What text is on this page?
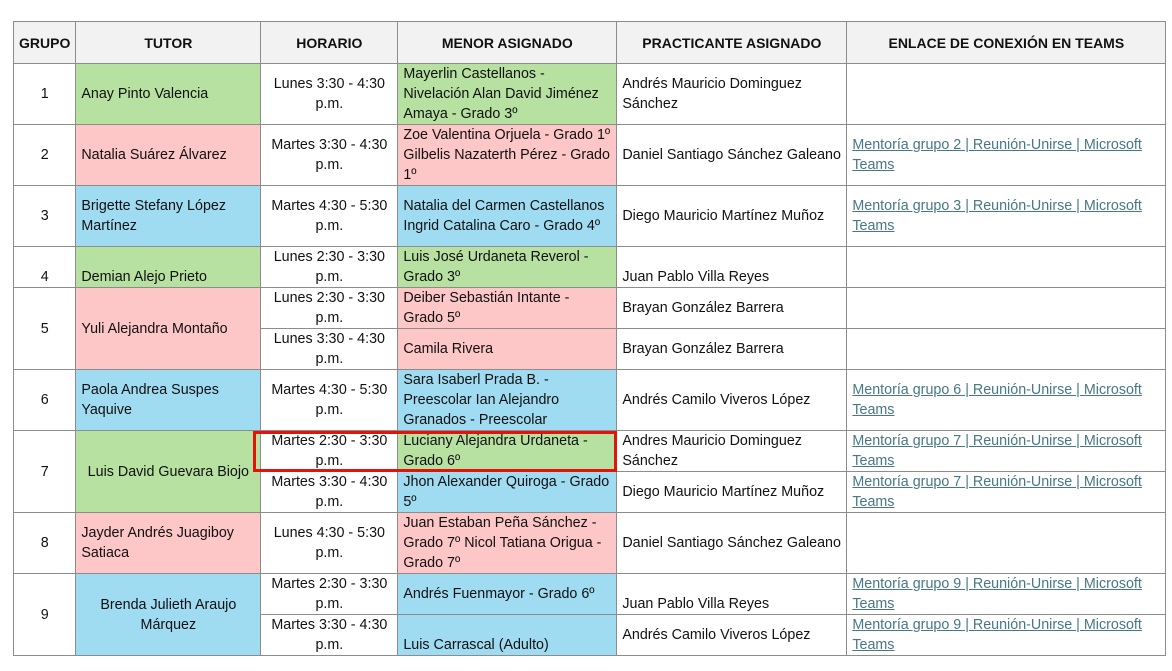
GRUPO	TUTOR	HORARIO	MENOR ASIGNADO	PRACTICANTE ASIGNADO	ENLACE DE CONEXIÓN EN TEAMS
1	Anay Pinto Valencia	Lunes 3:30 - 4:30 p.m.	Mayerlin Castellanos - Nivelación Alan David Jiménez Amaya - Grado 3º	Andrés Mauricio Dominguez Sánchez	
2	Natalia Suárez Álvarez	Martes 3:30 - 4:30 p.m.	Zoe Valentina Orjuela - Grado 1º Gilbelis Nazaterth Pérez - Grado 1º	Daniel Santiago Sánchez Galeano	Mentoría grupo 2 | Reunión-Unirse | Microsoft Teams
3	Brigette Stefany López Martínez	Martes 4:30 - 5:30 p.m.	Natalia del Carmen Castellanos Ingrid Catalina Caro - Grado 4º	Diego Mauricio Martínez Muñoz	Mentoría grupo 3 | Reunión-Unirse | Microsoft Teams
4	Demian Alejo Prieto	Lunes 2:30 - 3:30 p.m.	Luis José Urdaneta Reverol - Grado 3º	Juan Pablo Villa Reyes	
5	Yuli Alejandra Montaño	Lunes 2:30 - 3:30 p.m.	Deiber Sebastián Intante - Grado 5º	Brayan González Barrera	
		Lunes 3:30 - 4:30 p.m.	Camila Rivera	Brayan González Barrera	
6	Paola Andrea Suspes Yaquive	Martes 4:30 - 5:30 p.m.	Sara Isaberl Prada B. - Preescolar Ian Alejandro Granados - Preescolar	Andrés Camilo Viveros López	Mentoría grupo 6 | Reunión-Unirse | Microsoft Teams
7	Luis David Guevara Biojo	Martes 2:30 - 3:30 p.m.	Luciany Alejandra Urdaneta - Grado 6º	Andres Mauricio Dominguez Sánchez	Mentoría grupo 7 | Reunión-Unirse | Microsoft Teams
		Martes 3:30 - 4:30 p.m.	Jhon Alexander Quiroga - Grado 5º	Diego Mauricio Martínez Muñoz	Mentoría grupo 7 | Reunión-Unirse | Microsoft Teams
8	Jayder Andrés Juagiboy Satiaca	Lunes 4:30 - 5:30 p.m.	Juan Estaban Peña Sánchez - Grado 7º Nicol Tatiana Origua - Grado 7º	Daniel Santiago Sánchez Galeano	
9	Brenda Julieth Araujo Márquez	Martes 2:30 - 3:30 p.m.	Andrés Fuenmayor - Grado 6º	Juan Pablo Villa Reyes	Mentoría grupo 9 | Reunión-Unirse | Microsoft Teams
		Martes 3:30 - 4:30 p.m.	Luis Carrascal (Adulto)	Andrés Camilo Viveros López	Mentoría grupo 9 | Reunión-Unirse | Microsoft Teams
